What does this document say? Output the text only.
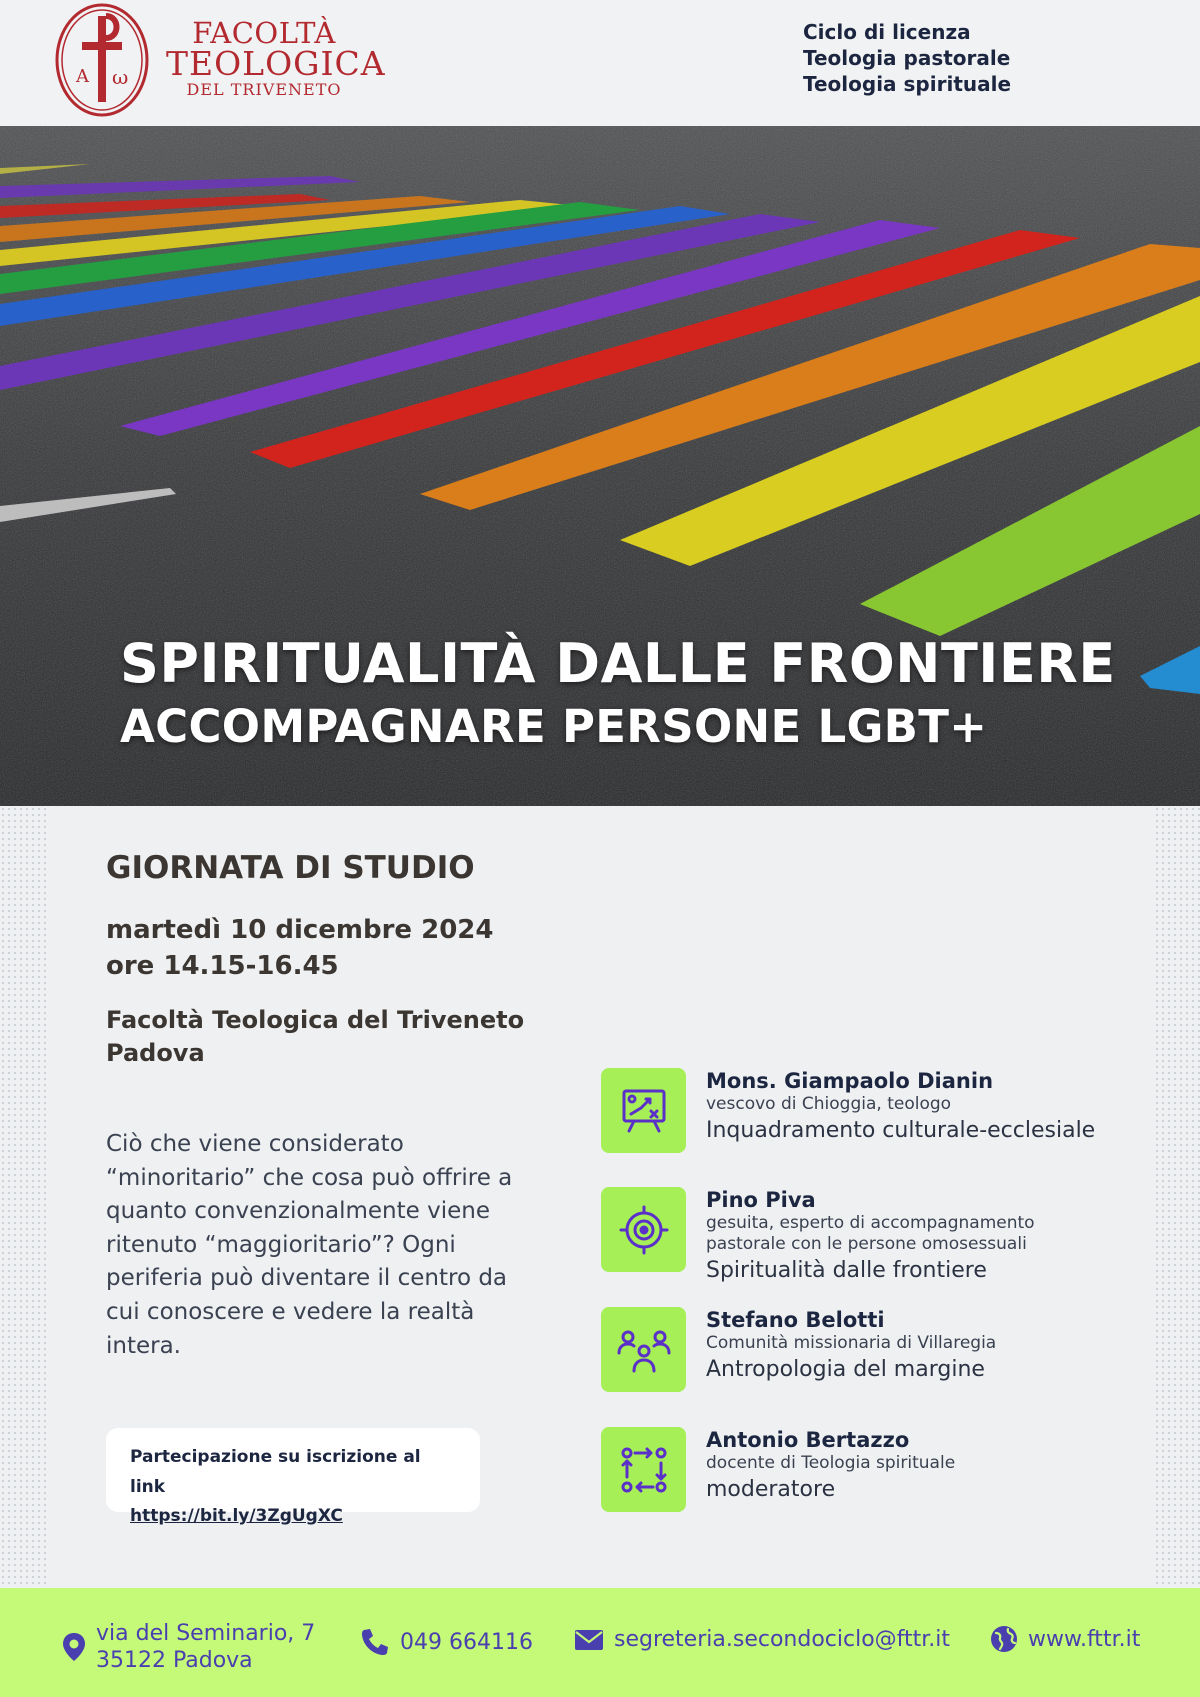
A ω
FACOLTÀ
TEOLOGICA
DEL TRIVENETO
Ciclo di licenza
Teologia pastorale
Teologia spirituale
SPIRITUALITÀ DALLE FRONTIERE
ACCOMPAGNARE PERSONE LGBT+
GIORNATA DI STUDIO
martedì 10 dicembre 2024
ore 14.15-16.45
Facoltà Teologica del Triveneto
Padova
Ciò che viene considerato “minoritario” che cosa può offrire a quanto convenzionalmente viene ritenuto “maggioritario”? Ogni periferia può diventare il centro da cui conoscere e vedere la realtà intera.
Partecipazione su iscrizione al link
https://bit.ly/3ZgUgXC
Mons. Giampaolo Dianin
vescovo di Chioggia, teologo
Inquadramento culturale-ecclesiale
Pino Piva
gesuita, esperto di accompagnamento pastorale con le persone omosessuali
Spiritualità dalle frontiere
Stefano Belotti
Comunità missionaria di Villaregia
Antropologia del margine
Antonio Bertazzo
docente di Teologia spirituale
moderatore
via del Seminario, 7
35122 Padova
049 664116	segreteria.secondociclo@fttr.it	www.fttr.it
